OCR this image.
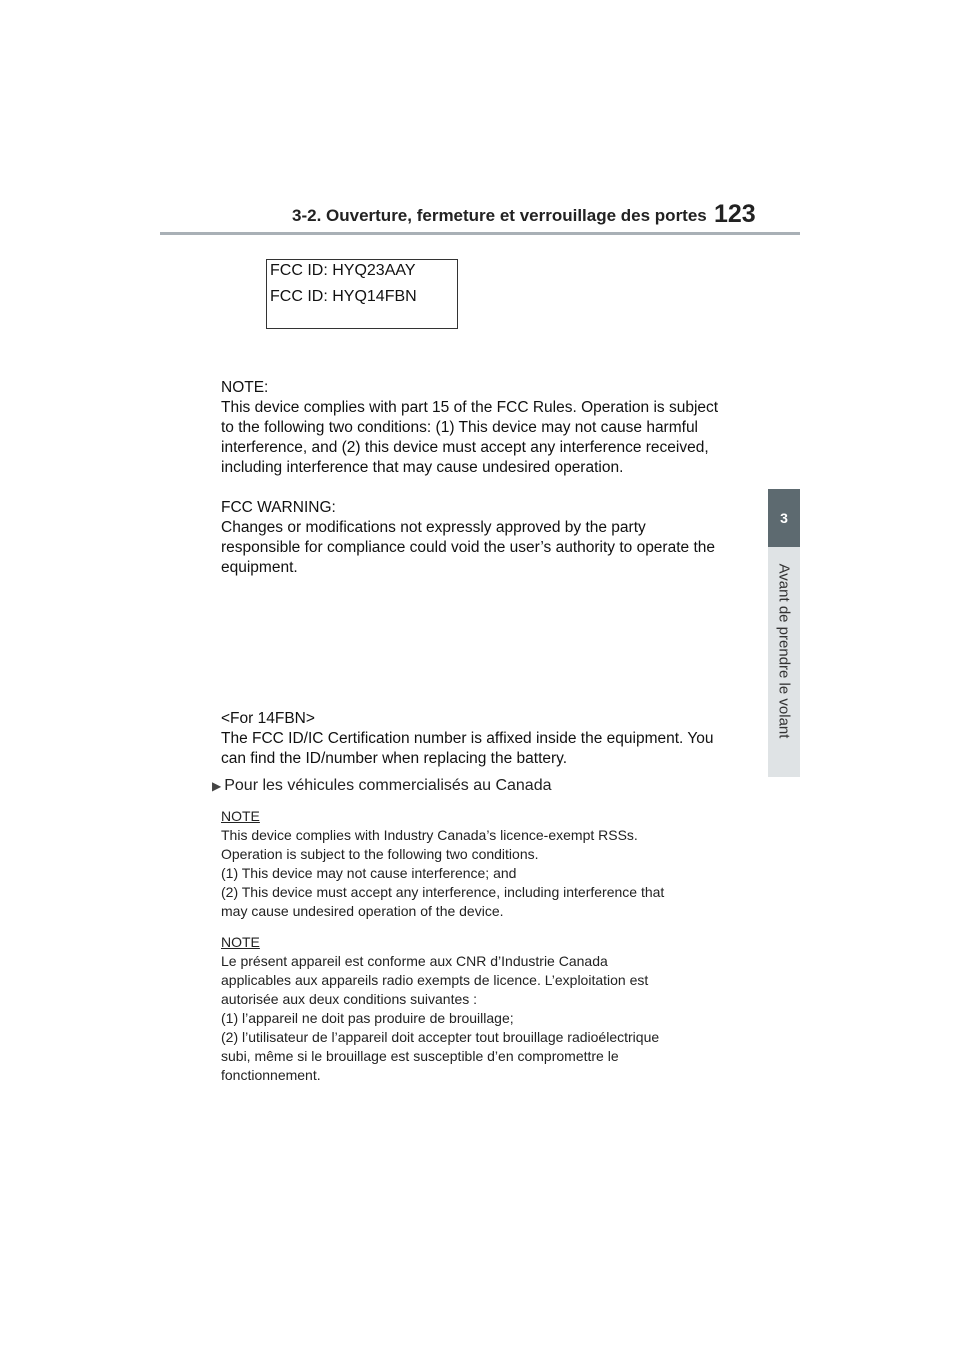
3-2. Ouverture, fermeture et verrouillage des portes 123
3
Avant de prendre le volant
FCC ID: HYQ23AAY
FCC ID: HYQ14FBN
NOTE:
This device complies with part 15 of the FCC Rules. Operation is subject
to the following two conditions: (1) This device may not cause harmful
interference, and (2) this device must accept any interference received,
including interference that may cause undesired operation.
FCC WARNING:
Changes or modifications not expressly approved by the party
responsible for compliance could void the user’s authority to operate the
equipment.
<For 14FBN>
The FCC ID/IC Certification number is affixed inside the equipment. You
can find the ID/number when replacing the battery.
▶ Pour les véhicules commercialisés au Canada
NOTE
This device complies with Industry Canada’s licence-exempt RSSs.
Operation is subject to the following two conditions.
(1) This device may not cause interference; and
(2) This device must accept any interference, including interference that
may cause undesired operation of the device.
NOTE
Le présent appareil est conforme aux CNR d’Industrie Canada
applicables aux appareils radio exempts de licence. L’exploitation est
autorisée aux deux conditions suivantes :
(1) l’appareil ne doit pas produire de brouillage;
(2) l’utilisateur de l’appareil doit accepter tout brouillage radioélectrique
subi, même si le brouillage est susceptible d’en compromettre le
fonctionnement.
